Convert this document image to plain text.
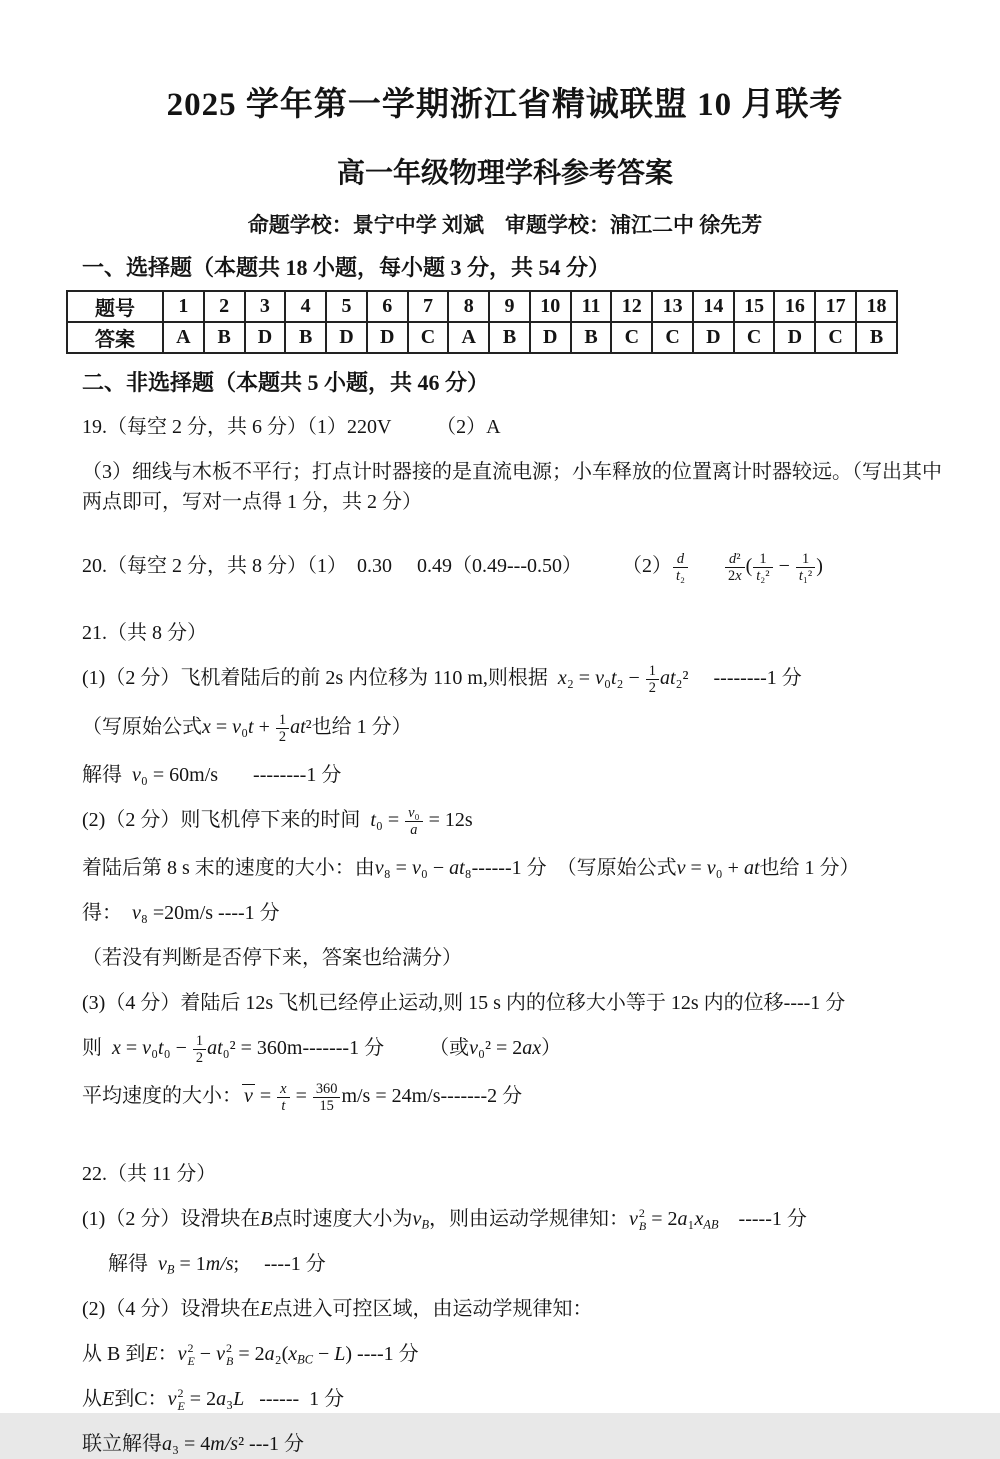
2025 学年第一学期浙江省精诚联盟 10 月联考
高一年级物理学科参考答案

命题学校：景宁中学 刘斌    审题学校：浦江二中 徐先芳

一、选择题（本题共 18 小题，每小题 3 分，共 54 分）
题号	1	2	3	4	5	6	7	8	9	10	11	12	13	14	15	16	17	18
答案	A	B	D	B	D	D	C	A	B	D	B	C	C	D	C	D	C	B
二、非选择题（本题共 5 小题，共 46 分）

19.（每空 2 分，共 6 分）（1）220V         （2）A

（3）细线与木板不平行；打点计时器接的是直流电源；小车释放的位置离计时器较远。（写出其中两点即可，写对一点得 1 分，共 2 分）

20.（每空 2 分，共 8 分）（1）  0.30     0.49（0.49---0.50）        $(2) \frac{d}{\text{t₂}}$
$\frac{\text{d²}}{2x}$ ( $\frac{1}{\text{t₂²}} - \frac{1}{\text{t₁²}}$ )

21.（共 8 分）

(1)（2 分）飞机着陆后的前 2s 内位移为 110 m,则根据  $x_2 = v_0t_2 - \frac{1}{2} at_2^2$     --------1 分

（写原始公式$x = v_0t + \frac{1}{2} at^2$也给 1 分）

解得  v₀ = 60m/s       --------1 分

(2)（2 分）则飞机停下来的时间  $t_0 = \frac{\text{v₀}}{a} = 12s$

着陆后第 8 s 末的速度的大小：由v₈ = v₀ − at₈------1 分  （写原始公式v = v₀ + at也给 1 分）

得：  v₈ =20m/s ----1 分

（若没有判断是否停下来，答案也给满分）

(3)（4 分）着陆后 12s 飞机已经停止运动,则 15 s 内的位移大小等于 12s 内的位移----1 分

则  $x = v_0t_0 - \frac{1}{2} at_0^2 = 360m-------1$ 分         （或v₀² = 2ax）

平均速度的大小： $v = \frac{x}{t} = \frac{360}{15} m/s = 24m/s-------2$ 分

22.（共 11 分）

(1)（2 分）设滑块在B点时速度大小为$v_B$，则由运动学规律知：v 2
$B = 2a_1x_{AB}$    -----1 分

解得  $v_B = 1m/s$;     ----1 分

(2)（4 分）设滑块在E点进入可控区域，由运动学规律知：

从 B 到E：v 2
E − v 2
$B = 2a_2(x_{BC} - L)$ ----1 分

从E到C：v 2
E = 2a₃L   ------  1 分

联立解得a₃ = 4m/s² ---1 分
